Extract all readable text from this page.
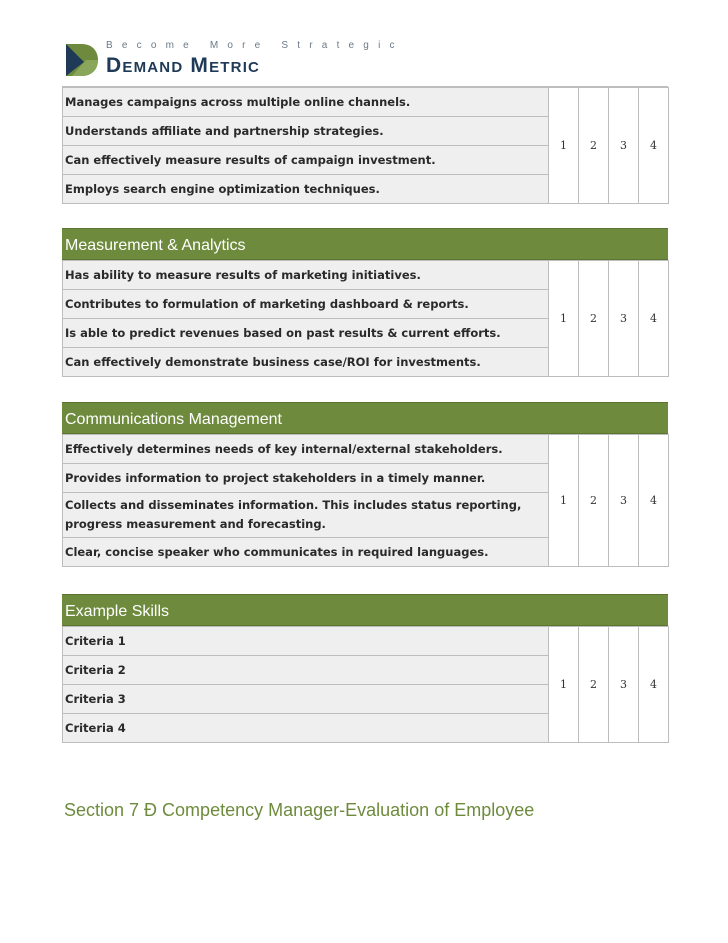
Become More Strategic
Demand Metric
Manages campaigns across multiple online channels.	1	2	3	4
Understands affiliate and partnership strategies.
Can effectively measure results of campaign investment.
Employs search engine optimization techniques.
Measurement & Analytics
Has ability to measure results of marketing initiatives.	1	2	3	4
Contributes to formulation of marketing dashboard & reports.
Is able to predict revenues based on past results & current efforts.
Can effectively demonstrate business case/ROI for investments.
Communications Management
Effectively determines needs of key internal/external stakeholders.	1	2	3	4
Provides information to project stakeholders in a timely manner.
Collects and disseminates information. This includes status reporting, progress measurement and forecasting.
Clear, concise speaker who communicates in required languages.
Example Skills
Criteria 1	1	2	3	4
Criteria 2
Criteria 3
Criteria 4
Section 7 Ð Competency Manager-Evaluation of Employee
